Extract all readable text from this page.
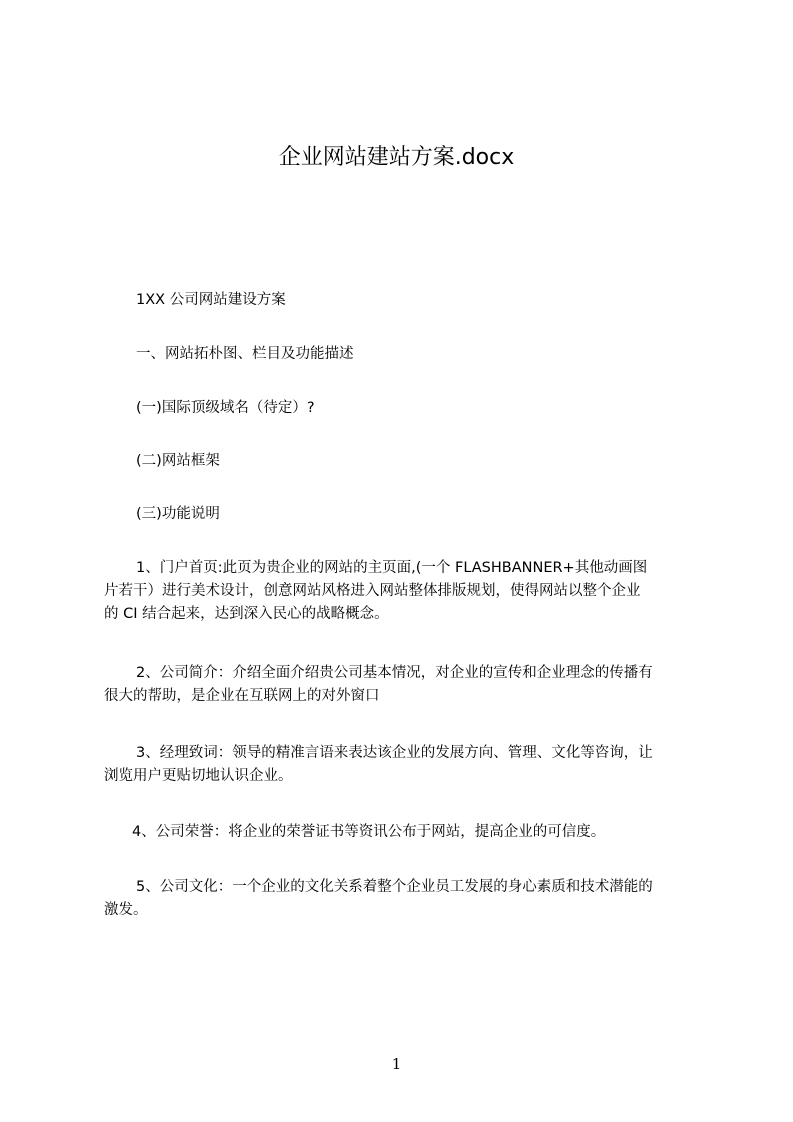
企业网站建站方案.docx
1XX 公司网站建设方案
一、网站拓朴图、栏目及功能描述
(一)国际顶级域名（待定）?
(二)网站框架
(三)功能说明
1、门户首页:此页为贵企业的网站的主页面,(一个 FLASHBANNER+其他动画图
片若干）进行美术设计，创意网站风格进入网站整体排版规划，使得网站以整个企业
的 CI 结合起来，达到深入民心的战略概念。
2、公司简介：介绍全面介绍贵公司基本情况，对企业的宣传和企业理念的传播有
很大的帮助，是企业在互联网上的对外窗口
3、经理致词：领导的精准言语来表达该企业的发展方向、管理、文化等咨询，让
浏览用户更贴切地认识企业。
4、公司荣誉：将企业的荣誉证书等资讯公布于网站，提高企业的可信度。
5、公司文化：一个企业的文化关系着整个企业员工发展的身心素质和技术潜能的
激发。
1
